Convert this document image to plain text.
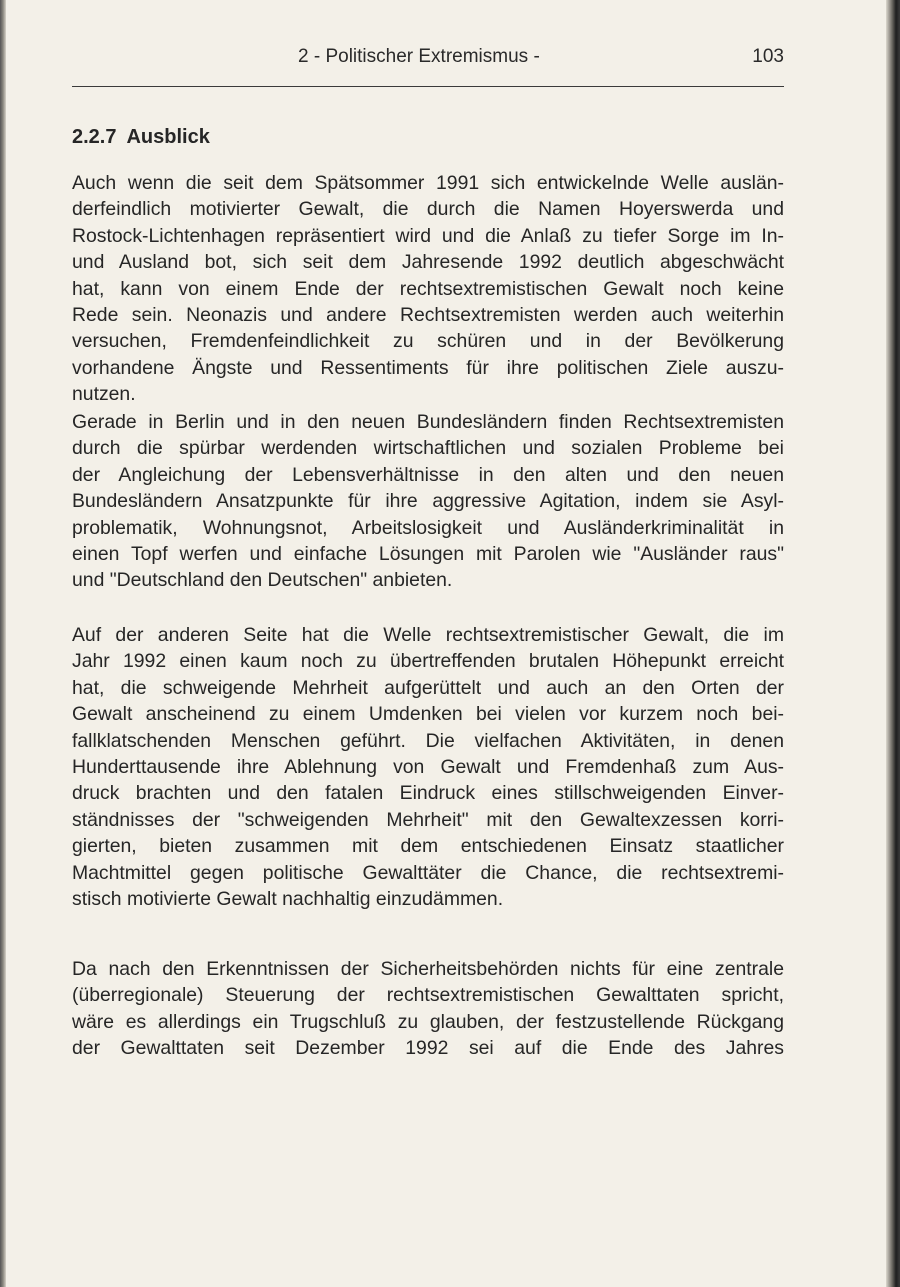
2 - Politischer Extremismus -	103
2.2.7 Ausblick
Auch wenn die seit dem Spätsommer 1991 sich entwickelnde Welle auslän-
derfeindlich motivierter Gewalt, die durch die Namen Hoyerswerda und
Rostock-Lichtenhagen repräsentiert wird und die Anlaß zu tiefer Sorge im In-
und Ausland bot, sich seit dem Jahresende 1992 deutlich abgeschwächt
hat, kann von einem Ende der rechtsextremistischen Gewalt noch keine
Rede sein. Neonazis und andere Rechtsextremisten werden auch weiterhin
versuchen, Fremdenfeindlichkeit zu schüren und in der Bevölkerung
vorhandene Ängste und Ressentiments für ihre politischen Ziele auszu-
nutzen.
Gerade in Berlin und in den neuen Bundesländern finden Rechtsextremisten
durch die spürbar werdenden wirtschaftlichen und sozialen Probleme bei
der Angleichung der Lebensverhältnisse in den alten und den neuen
Bundesländern Ansatzpunkte für ihre aggressive Agitation, indem sie Asyl-
problematik, Wohnungsnot, Arbeitslosigkeit und Ausländerkriminalität in
einen Topf werfen und einfache Lösungen mit Parolen wie "Ausländer raus"
und "Deutschland den Deutschen" anbieten.
Auf der anderen Seite hat die Welle rechtsextremistischer Gewalt, die im
Jahr 1992 einen kaum noch zu übertreffenden brutalen Höhepunkt erreicht
hat, die schweigende Mehrheit aufgerüttelt und auch an den Orten der
Gewalt anscheinend zu einem Umdenken bei vielen vor kurzem noch bei-
fallklatschenden Menschen geführt. Die vielfachen Aktivitäten, in denen
Hunderttausende ihre Ablehnung von Gewalt und Fremdenhaß zum Aus-
druck brachten und den fatalen Eindruck eines stillschweigenden Einver-
ständnisses der "schweigenden Mehrheit" mit den Gewaltexzessen korri-
gierten, bieten zusammen mit dem entschiedenen Einsatz staatlicher
Machtmittel gegen politische Gewalttäter die Chance, die rechtsextremi-
stisch motivierte Gewalt nachhaltig einzudämmen.
Da nach den Erkenntnissen der Sicherheitsbehörden nichts für eine zentrale
(überregionale) Steuerung der rechtsextremistischen Gewalttaten spricht,
wäre es allerdings ein Trugschluß zu glauben, der festzustellende Rückgang
der Gewalttaten seit Dezember 1992 sei auf die Ende des Jahres
